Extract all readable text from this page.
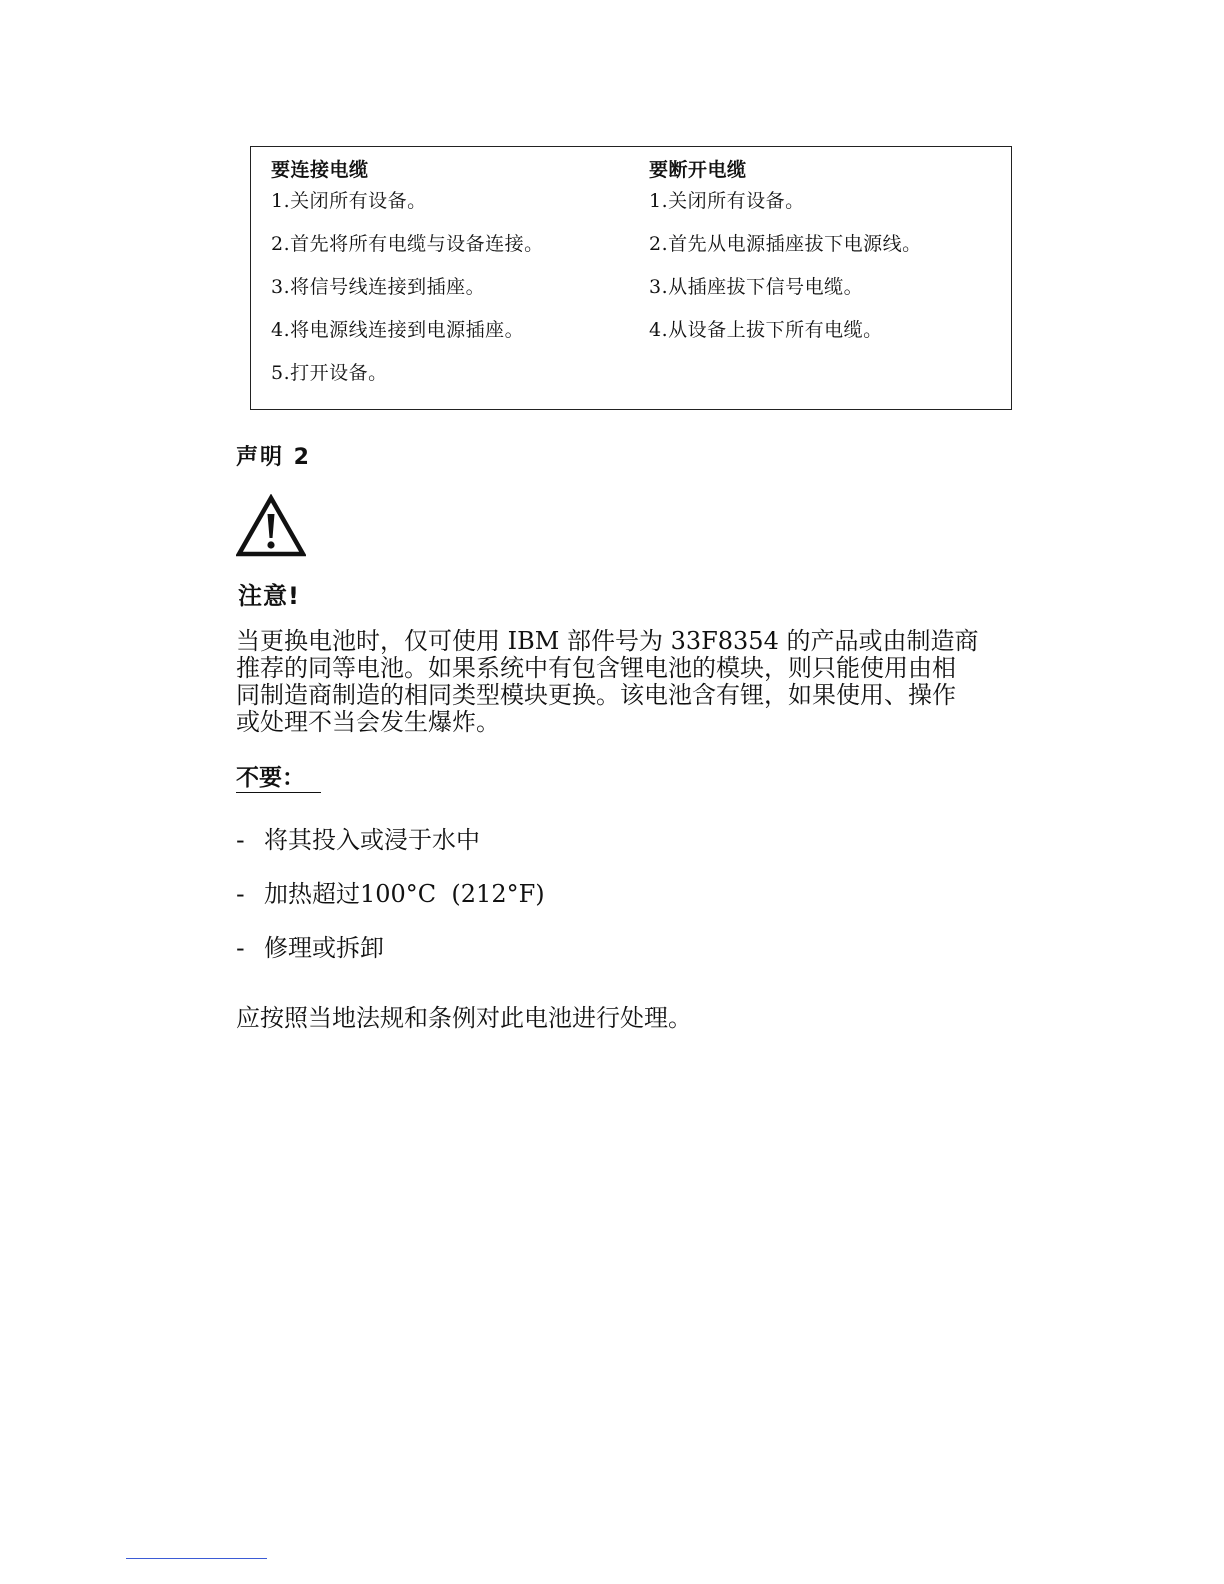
要连接电缆
1.关闭所有设备。
2.首先将所有电缆与设备连接。
3.将信号线连接到插座。
4.将电源线连接到电源插座。
5.打开设备。
要断开电缆
1.关闭所有设备。
2.首先从电源插座拔下电源线。
3.从插座拔下信号电缆。
4.从设备上拔下所有电缆。
声明 2
注意!

当更换电池时，仅可使用 IBM 部件号为 33F8354 的产品或由制造商
推荐的同等电池。如果系统中有包含锂电池的模块，则只能使用由相
同制造商制造的相同类型模块更换。该电池含有锂，如果使用、操作
或处理不当会发生爆炸。

不要：
- 将其投入或浸于水中
- 加热超过100°C  (212°F)
- 修理或拆卸

应按照当地法规和条例对此电池进行处理。
